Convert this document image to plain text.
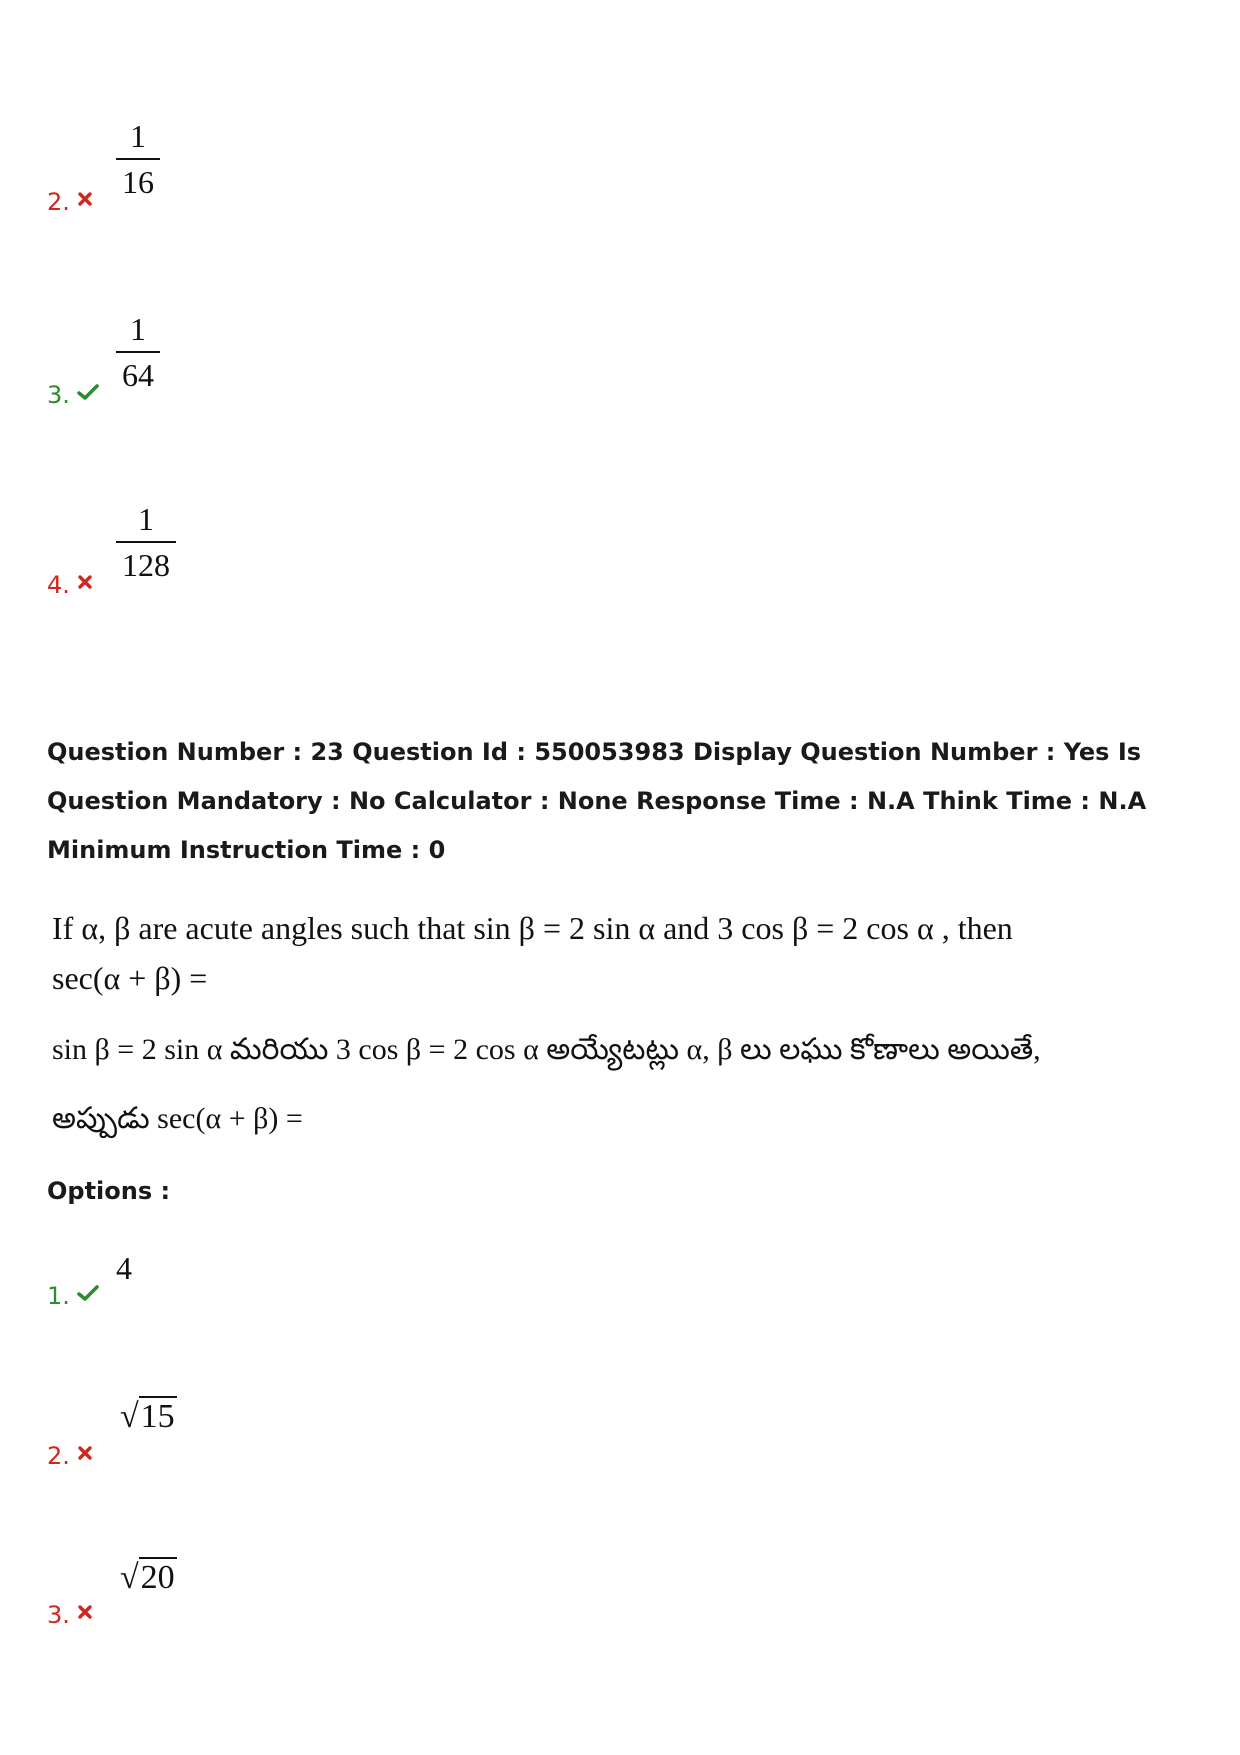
2.
1
16
3.
1
64
4.
1
128
Question Number : 23 Question Id : 550053983 Display Question Number : Yes Is Question Mandatory : No Calculator : None Response Time : N.A Think Time : N.A Minimum Instruction Time : 0
If α, β are acute angles such that sin β = 2 sin α and 3 cos β = 2 cos α , then
sec(α + β) =
sin β = 2 sin α మరియు 3 cos β = 2 cos α అయ్యేటట్లు α, β లు లఘు కోణాలు అయితే,
అప్పుడు sec(α + β) =
Options :
1.
4
2.
√15
3.
√20
